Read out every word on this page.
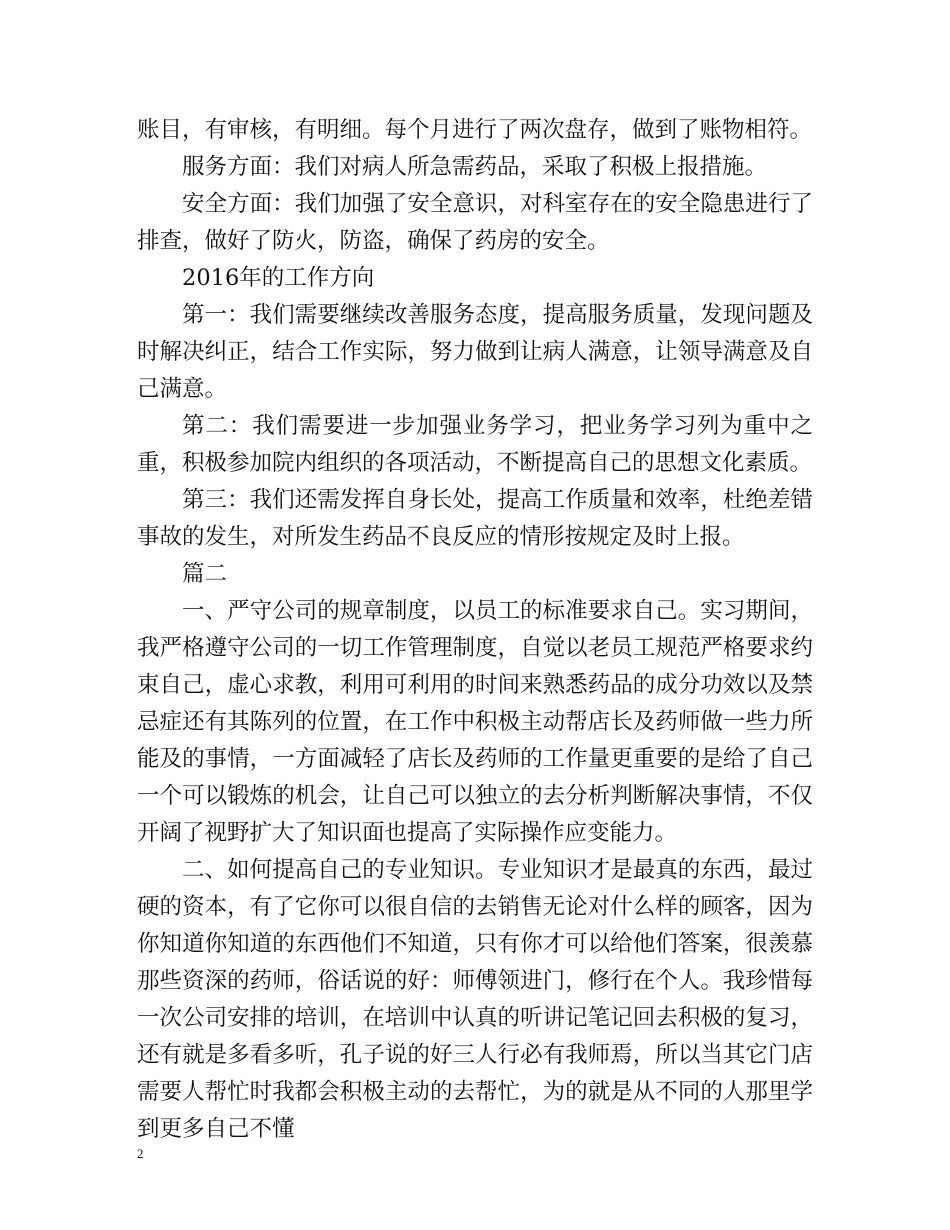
账目，有审核，有明细。每个月进行了两次盘存，做到了账物相符。

服务方面：我们对病人所急需药品，采取了积极上报措施。

安全方面：我们加强了安全意识，对科室存在的安全隐患进行了排查，做好了防火，防盗，确保了药房的安全。

2016年的工作方向

第一：我们需要继续改善服务态度，提高服务质量，发现问题及时解决纠正，结合工作实际，努力做到让病人满意，让领导满意及自己满意。

第二：我们需要进一步加强业务学习，把业务学习列为重中之重，积极参加院内组织的各项活动，不断提高自己的思想文化素质。

第三：我们还需发挥自身长处，提高工作质量和效率，杜绝差错事故的发生，对所发生药品不良反应的情形按规定及时上报。

篇二

一、严守公司的规章制度，以员工的标准要求自己。实习期间，我严格遵守公司的一切工作管理制度，自觉以老员工规范严格要求约束自己，虚心求教，利用可利用的时间来熟悉药品的成分功效以及禁忌症还有其陈列的位置，在工作中积极主动帮店长及药师做一些力所能及的事情，一方面减轻了店长及药师的工作量更重要的是给了自己一个可以锻炼的机会，让自己可以独立的去分析判断解决事情，不仅开阔了视野扩大了知识面也提高了实际操作应变能力。

二、如何提高自己的专业知识。专业知识才是最真的东西，最过硬的资本，有了它你可以很自信的去销售无论对什么样的顾客，因为你知道你知道的东西他们不知道，只有你才可以给他们答案，很羡慕那些资深的药师，俗话说的好：师傅领进门，修行在个人。我珍惜每一次公司安排的培训，在培训中认真的听讲记笔记回去积极的复习，还有就是多看多听，孔子说的好三人行必有我师焉，所以当其它门店需要人帮忙时我都会积极主动的去帮忙，为的就是从不同的人那里学到更多自己不懂

2
